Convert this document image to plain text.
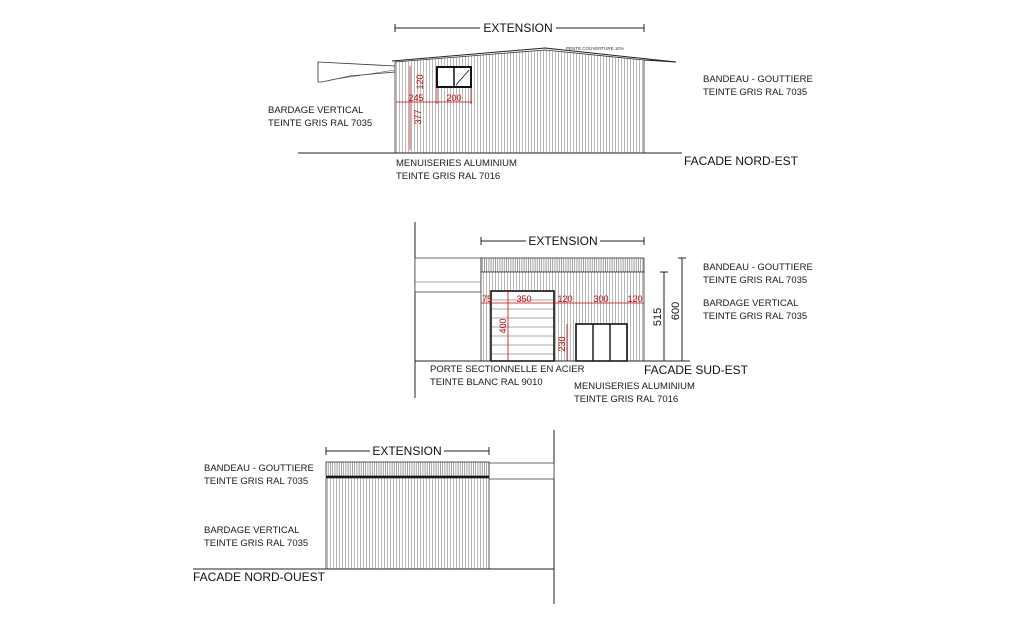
EXTENSION
PENTE COUVERTURE 10%
120
245	200
377
BANDEAU - GOUTTIERE
TEINTE GRIS RAL 7035
BARDAGE VERTICAL
TEINTE GRIS RAL 7035
MENUISERIES ALUMINIUM
TEINTE GRIS RAL 7016
FACADE NORD-EST
EXTENSION
75	350	120 300 120
400
230
515 600
BANDEAU - GOUTTIERE
TEINTE GRIS RAL 7035
BARDAGE VERTICAL
TEINTE GRIS RAL 7035
PORTE SECTIONNELLE EN ACIER
TEINTE BLANC RAL 9010	MENUISERIES ALUMINIUM
TEINTE GRIS RAL 7016
FACADE SUD-EST
EXTENSION
BANDEAU - GOUTTIERE
TEINTE GRIS RAL 7035
BARDAGE VERTICAL
TEINTE GRIS RAL 7035
FACADE NORD-OUEST
